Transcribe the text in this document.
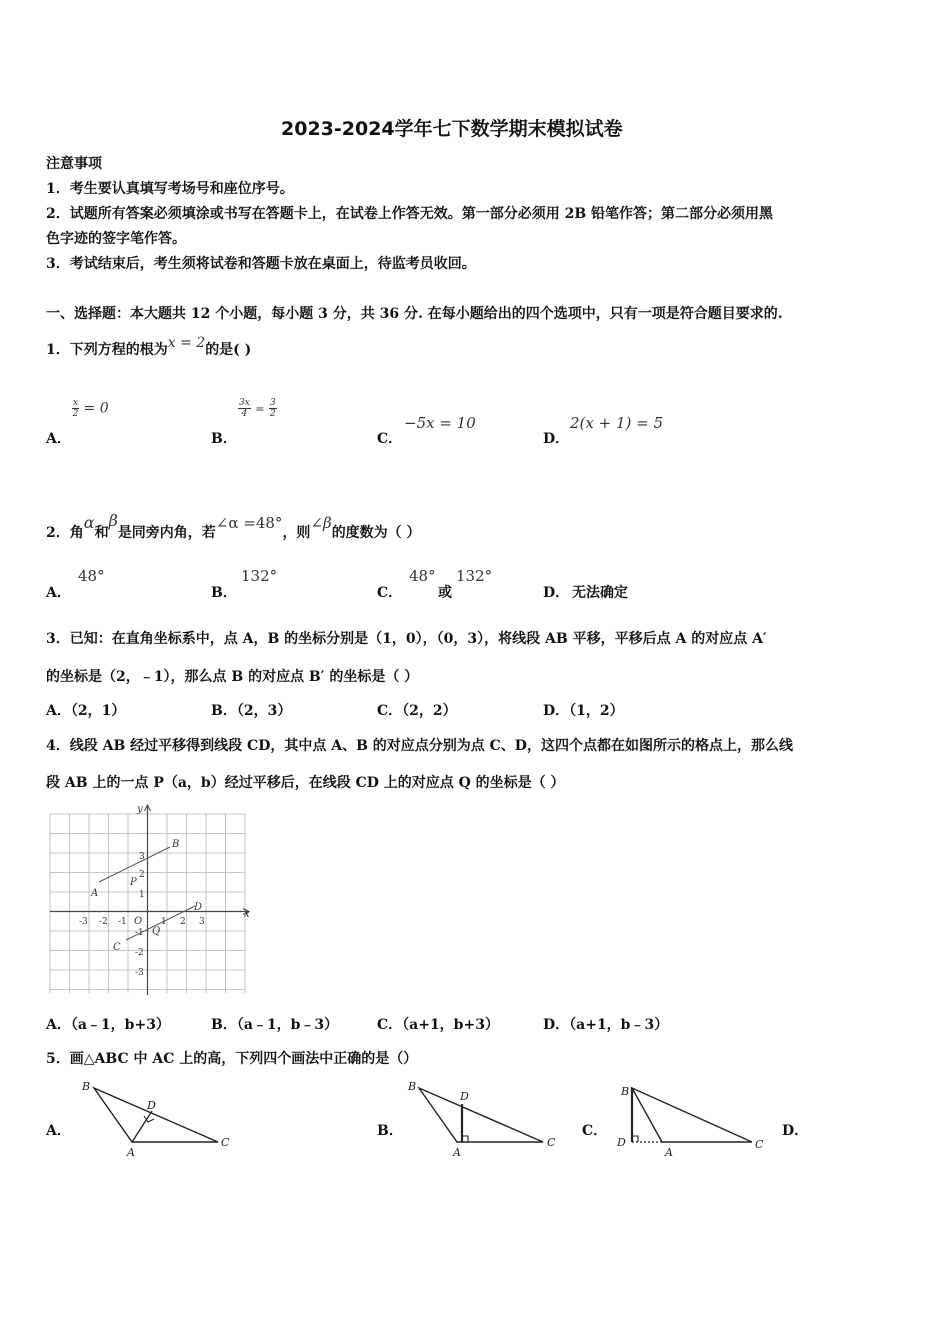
2023-2024学年七下数学期末模拟试卷
注意事项
1．考生要认真填写考场号和座位序号。
2．试题所有答案必须填涂或书写在答题卡上，在试卷上作答无效。第一部分必须用 2B 铅笔作答；第二部分必须用黑
色字迹的签字笔作答。
3．考试结束后，考生须将试卷和答题卡放在桌面上，待监考员收回。
一、选择题：本大题共 12 个小题，每小题 3 分，共 36 分. 在每小题给出的四个选项中，只有一项是符合题目要求的.
1．下列方程的根为x = 2的是( )
A．
$\frac{x}{2} = 0$
B．
$\frac{3x}{4} = \frac{3}{2}$
C．
−5x = 10
D．
2(x + 1) = 5
2．角α和β是同旁内角，若∠α =48°，则∠β的度数为（ ）
A．
48°
B．
132°
C．
48°
或
132°
D． 无法确定
3．已知：在直角坐标系中，点 A，B 的坐标分别是（1，0），（0，3），将线段 AB 平移，平移后点 A 的对应点 A′
的坐标是（2，﹣1），那么点 B 的对应点 B′ 的坐标是（ ）
A．（2，1）	B．（2，3）	C．（2，2）	D．（1，2）
4．线段 AB 经过平移得到线段 CD，其中点 A、B 的对应点分别为点 C、D，这四个点都在如图所示的格点上，那么线
段 AB 上的一点 P（a，b）经过平移后，在线段 CD 上的对应点 Q 的坐标是（ ）
x
y
O
A
B
P
C
D
Q
-3 -2 -1	1 2 3
3
2
1
-1
-2
-3
A．（a﹣1，b+3）	B．（a﹣1，b﹣3）	C．（a+1，b+3）	D．（a+1，b﹣3）
5．画△ABC 中 AC 上的高，下列四个画法中正确的是（）
A．
B
D
A
C
B．
B
D
A
C
C．
B
D
A
C
D．
